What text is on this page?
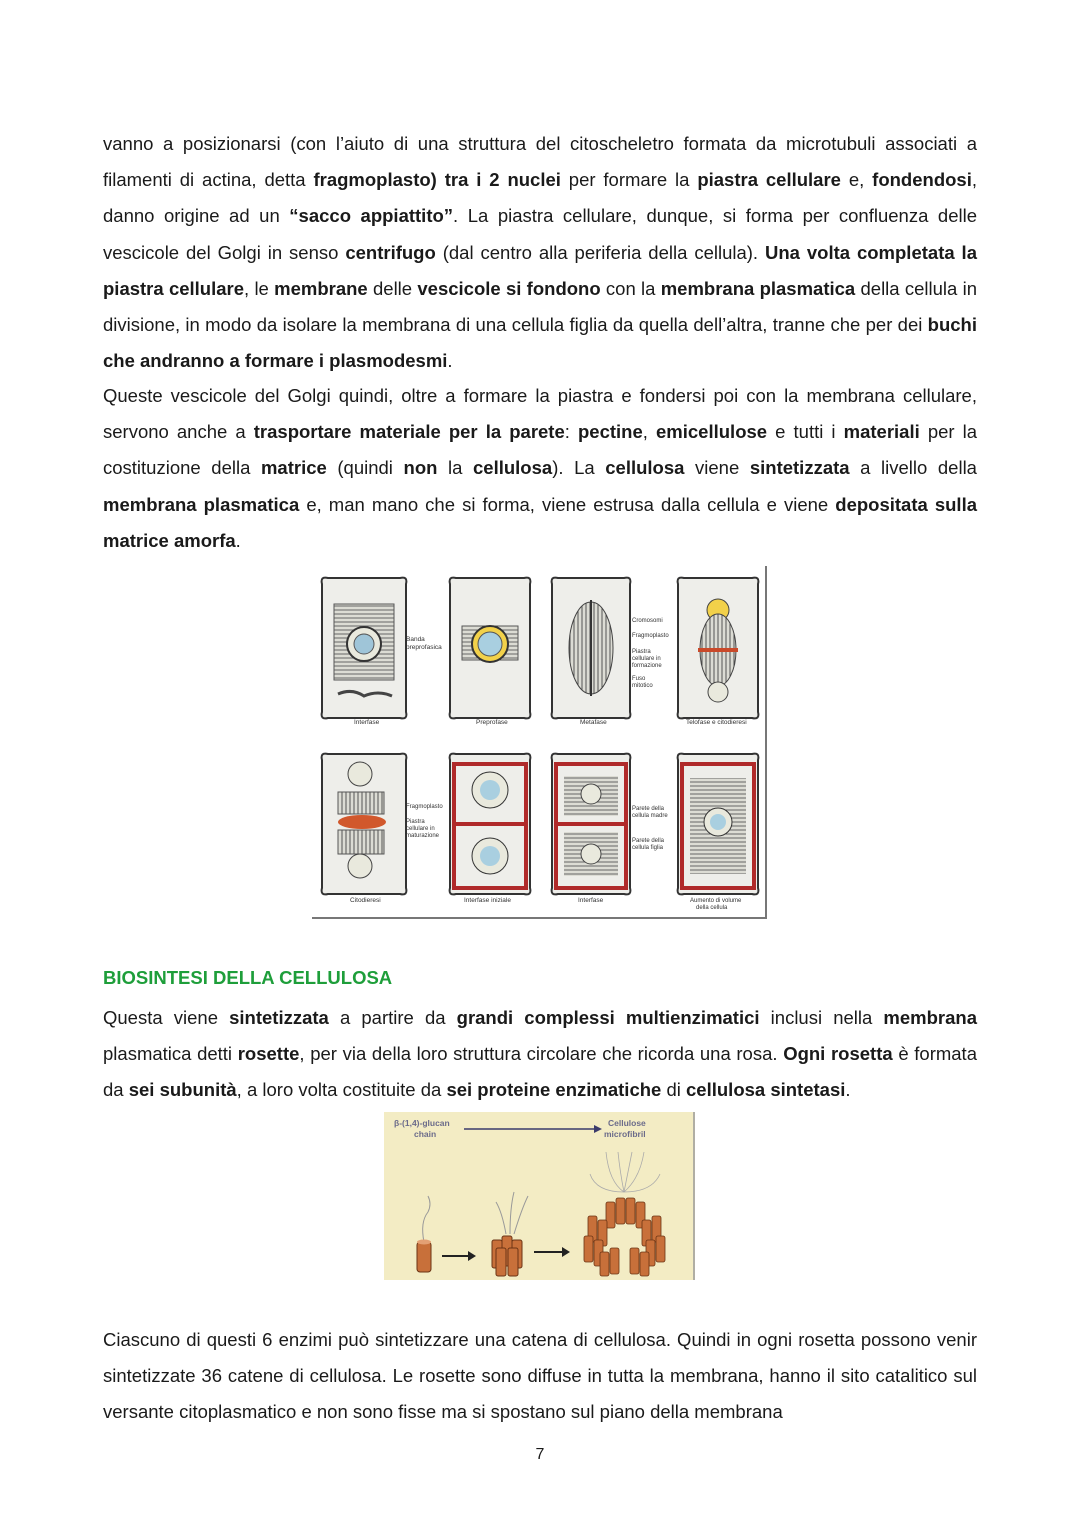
vanno a posizionarsi (con l’aiuto di una struttura del citoscheletro formata da microtubuli associati a filamenti di actina, detta fragmoplasto) tra i 2 nuclei per formare la piastra cellulare e, fondendosi, danno origine ad un “sacco appiattito”. La piastra cellulare, dunque, si forma per confluenza delle vescicole del Golgi in senso centrifugo (dal centro alla periferia della cellula). Una volta completata la piastra cellulare, le membrane delle vescicole si fondono con la membrana plasmatica della cellula in divisione, in modo da isolare la membrana di una cellula figlia da quella dell’altra, tranne che per dei buchi che andranno a formare i plasmodesmi.

Queste vescicole del Golgi quindi, oltre a formare la piastra e fondersi poi con la membrana cellulare, servono anche a trasportare materiale per la parete: pectine, emicellulose e tutti i materiali per la costituzione della matrice (quindi non la cellulosa). La cellulosa viene sintetizzata a livello della membrana plasmatica e, man mano che si forma, viene estrusa dalla cellula e viene depositata sulla matrice amorfa.

Banda
preprofasica
Cromosomi
Fragmoplasto
Piastra
cellulare in
formazione
Fuso
mitotico
Interfase	Preprofase	Metafase	Telofase e citodieresi
Fragmoplasto
Piastra
cellulare in
maturazione
Parete della
cellula madre
Parete della
cellula figlia
Citodieresi	Interfase iniziale	Interfase	Aumento di volume
della cellula
BIOSINTESI DELLA CELLULOSA

Questa viene sintetizzata a partire da grandi complessi multienzimatici inclusi nella membrana plasmatica detti rosette, per via della loro struttura circolare che ricorda una rosa. Ogni rosetta è formata da sei subunità, a loro volta costituite da sei proteine enzimatiche di cellulosa sintetasi.

β-(1,4)-glucan
chain
Cellulose
microfibril

Ciascuno di questi 6 enzimi può sintetizzare una catena di cellulosa. Quindi in ogni rosetta possono venir sintetizzate 36 catene di cellulosa. Le rosette sono diffuse in tutta la membrana, hanno il sito catalitico sul versante citoplasmatico e non sono fisse ma si spostano sul piano della membrana

7
